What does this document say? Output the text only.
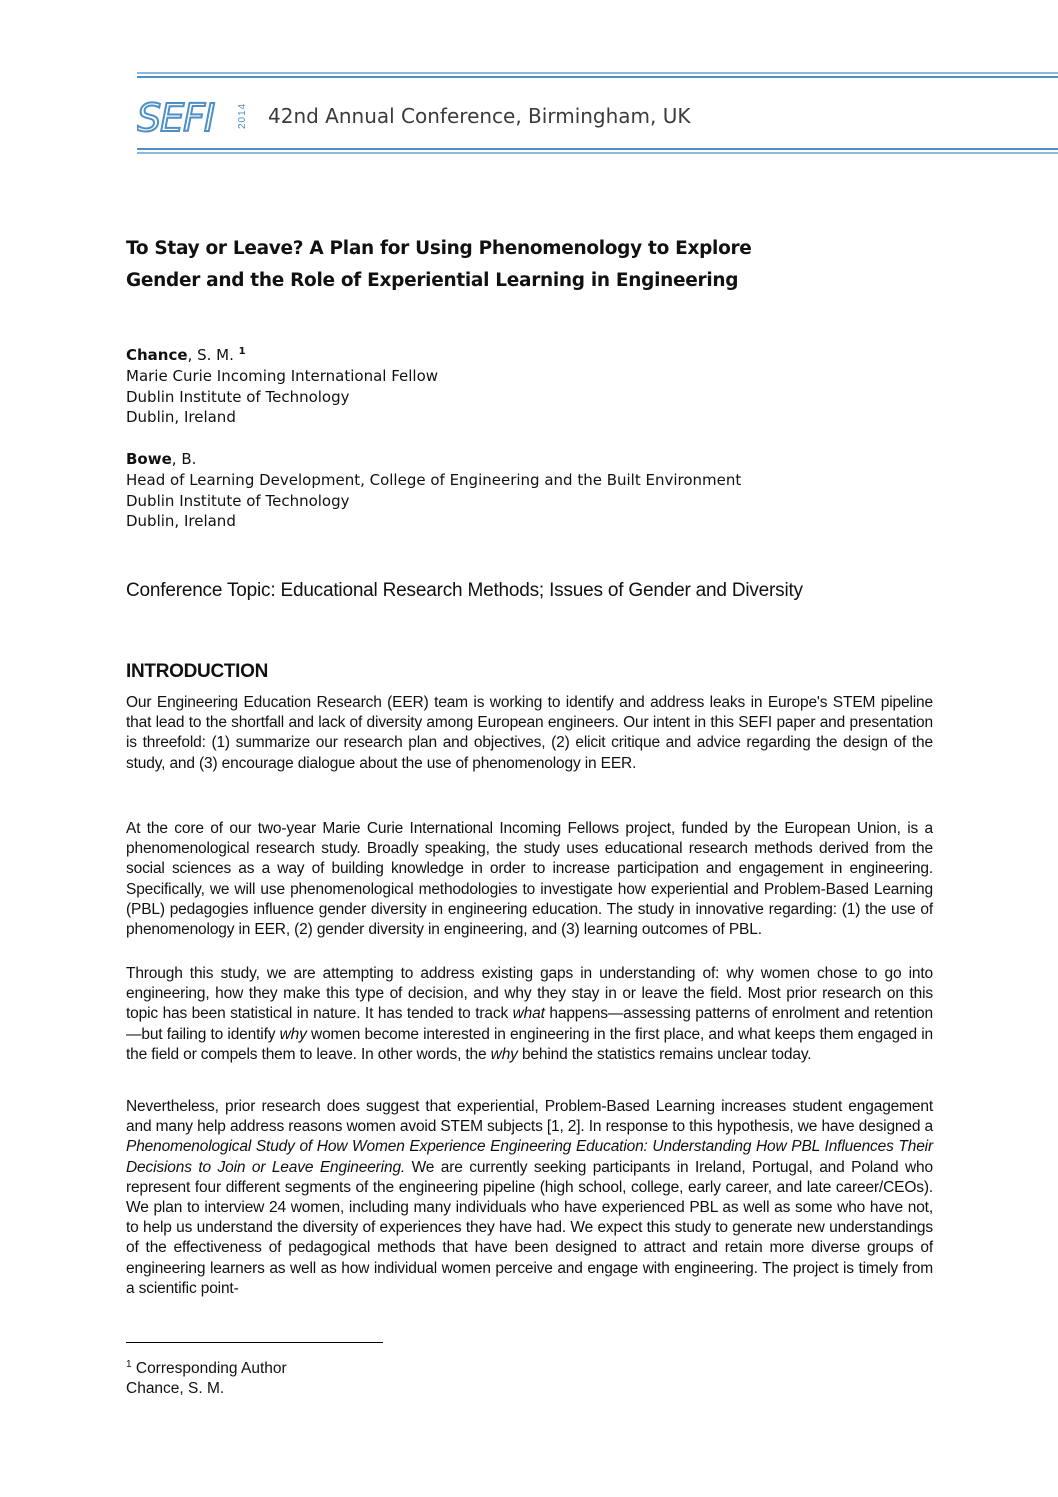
SEFI 2014 42nd Annual Conference, Birmingham, UK
To Stay or Leave? A Plan for Using Phenomenology to Explore
Gender and the Role of Experiential Learning in Engineering
Chance, S. M. $^1$
Marie Curie Incoming International Fellow
Dublin Institute of Technology
Dublin, Ireland
Bowe, B.
Head of Learning Development, College of Engineering and the Built Environment
Dublin Institute of Technology
Dublin, Ireland
Conference Topic: Educational Research Methods; Issues of Gender and Diversity
INTRODUCTION

Our Engineering Education Research (EER) team is working to identify and address leaks in Europe's STEM pipeline that lead to the shortfall and lack of diversity among European engineers. Our intent in this SEFI paper and presentation is threefold: (1) summarize our research plan and objectives, (2) elicit critique and advice regarding the design of the study, and (3) encourage dialogue about the use of phenomenology in EER.

At the core of our two-year Marie Curie International Incoming Fellows project, funded by the European Union, is a phenomenological research study. Broadly speaking, the study uses educational research methods derived from the social sciences as a way of building knowledge in order to increase participation and engagement in engineering. Specifically, we will use phenomenological methodologies to investigate how experiential and Problem-Based Learning (PBL) pedagogies influence gender diversity in engineering education. The study in innovative regarding: (1) the use of phenomenology in EER, (2) gender diversity in engineering, and (3) learning outcomes of PBL.

Through this study, we are attempting to address existing gaps in understanding of: why women chose to go into engineering, how they make this type of decision, and why they stay in or leave the field. Most prior research on this topic has been statistical in nature. It has tended to track what happens—assessing patterns of enrolment and retention—but failing to identify why women become interested in engineering in the first place, and what keeps them engaged in the field or compels them to leave. In other words, the why behind the statistics remains unclear today.

Nevertheless, prior research does suggest that experiential, Problem-Based Learning increases student engagement and many help address reasons women avoid STEM subjects [1, 2]. In response to this hypothesis, we have designed a Phenomenological Study of How Women Experience Engineering Education: Understanding How PBL Influences Their Decisions to Join or Leave Engineering. We are currently seeking participants in Ireland, Portugal, and Poland who represent four different segments of the engineering pipeline (high school, college, early career, and late career/CEOs). We plan to interview 24 women, including many individuals who have experienced PBL as well as some who have not, to help us understand the diversity of experiences they have had. We expect this study to generate new understandings of the effectiveness of pedagogical methods that have been designed to attract and retain more diverse groups of engineering learners as well as how individual women perceive and engage with engineering. The project is timely from a scientific point-

$^1$ Corresponding Author
Chance, S. M.
